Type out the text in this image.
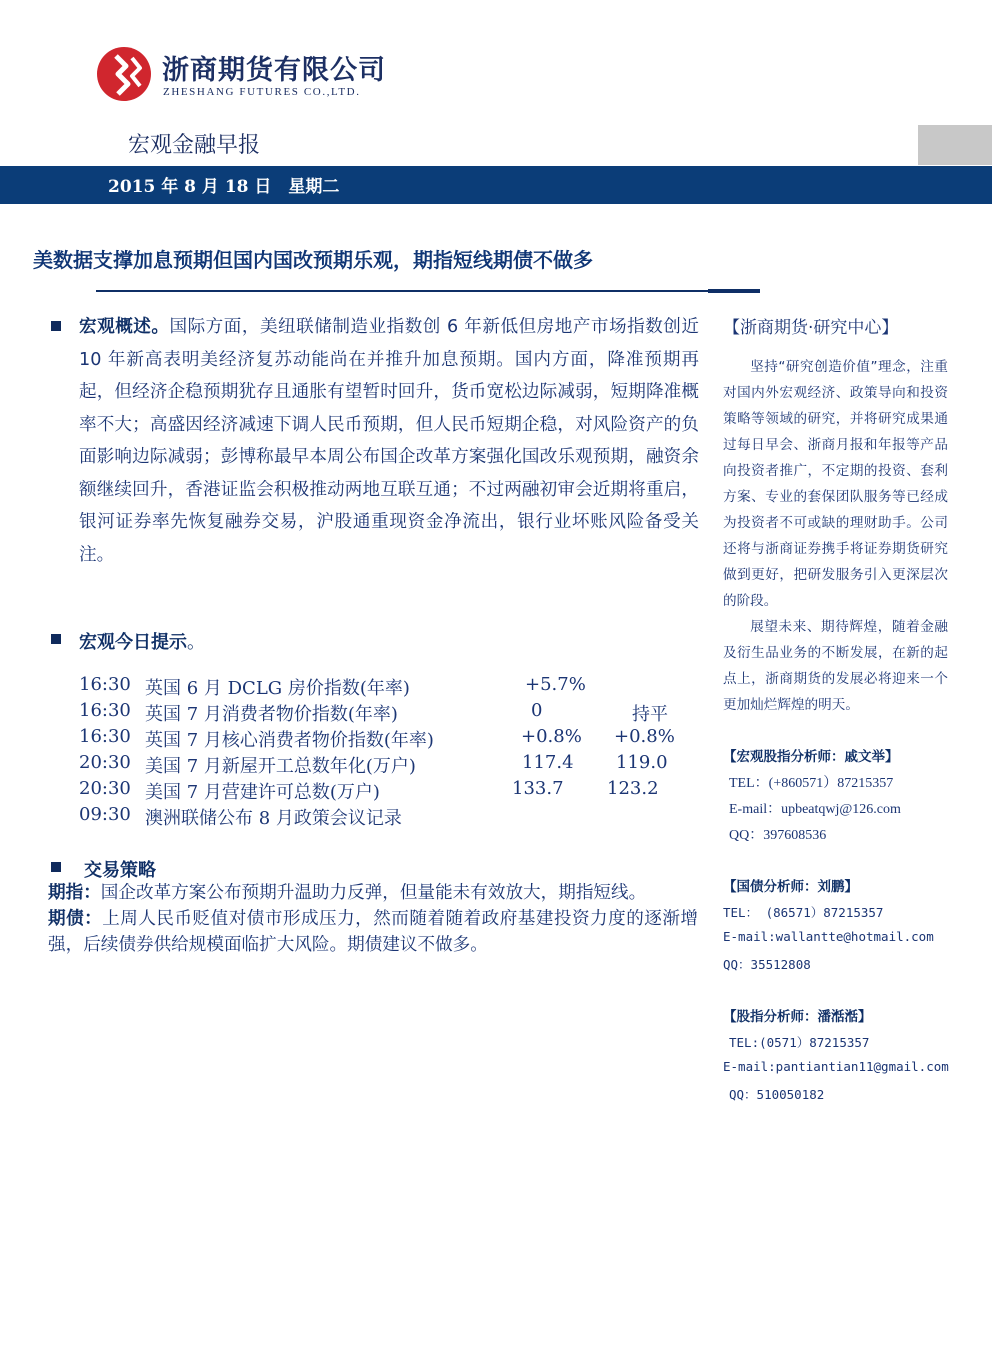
浙商期货有限公司
ZHESHANG FUTURES CO.,LTD.
宏观金融早报
2015 年 8 月 18 日　星期二
美数据支撑加息预期但国内国改预期乐观，期指短线期债不做多
宏观概述。国际方面，美纽联储制造业指数创 6 年新低但房地产市场指数创近 10 年新高表明美经济复苏动能尚在并推升加息预期。国内方面，降准预期再起，但经济企稳预期犹存且通胀有望暂时回升，货币宽松边际减弱，短期降准概率不大；高盛因经济减速下调人民币预期，但人民币短期企稳，对风险资产的负面影响边际减弱；彭博称最早本周公布国企改革方案强化国改乐观预期，融资余额继续回升，香港证监会积极推动两地互联互通；不过两融初审会近期将重启，银河证券率先恢复融券交易，沪股通重现资金净流出，银行业坏账风险备受关注。
宏观今日提示。
16:30 英国 6 月 DCLG 房价指数(年率)	+5.7%
16:30 英国 7 月消费者物价指数(年率)	0	持平
16:30 英国 7 月核心消费者物价指数(年率)	+0.8% +0.8%
20:30 美国 7 月新屋开工总数年化(万户)	117.4 119.0
20:30 美国 7 月营建许可总数(万户)	133.7 123.2
09:30 澳洲联储公布 8 月政策会议记录
交易策略

期指：国企改革方案公布预期升温助力反弹，但量能未有效放大，期指短线。

期债：上周人民币贬值对债市形成压力，然而随着随着政府基建投资力度的逐渐增强，后续债券供给规模面临扩大风险。期债建议不做多。

【浙商期货·研究中心】

坚持“研究创造价值”理念，注重对国内外宏观经济、政策导向和投资策略等领域的研究，并将研究成果通过每日早会、浙商月报和年报等产品向投资者推广，不定期的投资、套利方案、专业的套保团队服务等已经成为投资者不可或缺的理财助手。公司还将与浙商证券携手将证券期货研究做到更好，把研发服务引入更深层次的阶段。

展望未来、期待辉煌，随着金融及衍生品业务的不断发展，在新的起点上，浙商期货的发展必将迎来一个更加灿烂辉煌的明天。

【宏观股指分析师：戚文举】
TEL：(+860571）87215357
E-mail：upbeatqwj@126.com
QQ：397608536
【国债分析师：刘鹏】
TEL： (86571）87215357
E-mail:wallantte@hotmail.com
QQ：35512808
【股指分析师：潘湉湉】
TEL:(0571）87215357
E-mail:pantiantian11@gmail.com
QQ：510050182
